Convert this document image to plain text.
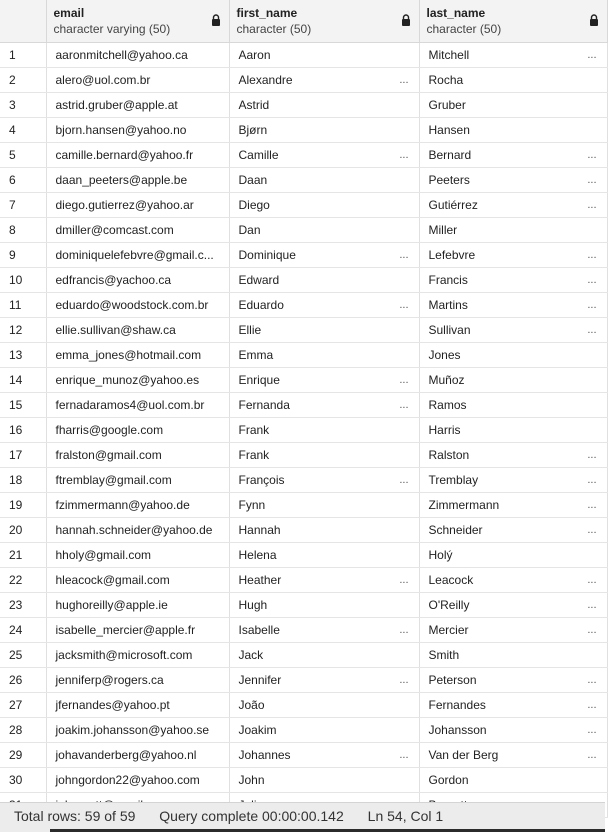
	email
character varying (50)	first_name
character (50)	last_name
character (50)

1	aaronmitchell@yahoo.ca	Aaron	Mitchell ...

2	alero@uol.com.br	Alexandre ...	Rocha
3	astrid.gruber@apple.at	Astrid	Gruber
4	bjorn.hansen@yahoo.no	Bjørn	Hansen
5	camille.bernard@yahoo.fr	Camille ...	Bernard ...

6	daan_peeters@apple.be	Daan	Peeters ...

7	diego.gutierrez@yahoo.ar	Diego	Gutiérrez ...

8	dmiller@comcast.com	Dan	Miller
9	dominiquelefebvre@gmail.c...	Dominique ...	Lefebvre ...

10	edfrancis@yachoo.ca	Edward	Francis ...

11	eduardo@woodstock.com.br	Eduardo ...	Martins ...

12	ellie.sullivan@shaw.ca	Ellie	Sullivan ...

13	emma_jones@hotmail.com	Emma	Jones
14	enrique_munoz@yahoo.es	Enrique ...	Muñoz
15	fernadaramos4@uol.com.br	Fernanda ...	Ramos
16	fharris@google.com	Frank	Harris
17	fralston@gmail.com	Frank	Ralston ...

18	ftremblay@gmail.com	François ...	Tremblay ...

19	fzimmermann@yahoo.de	Fynn	Zimmermann ...

20	hannah.schneider@yahoo.de	Hannah	Schneider ...

21	hholy@gmail.com	Helena	Holý
22	hleacock@gmail.com	Heather ...	Leacock ...

23	hughoreilly@apple.ie	Hugh	O'Reilly ...

24	isabelle_mercier@apple.fr	Isabelle ...	Mercier ...

25	jacksmith@microsoft.com	Jack	Smith
26	jenniferp@rogers.ca	Jennifer ...	Peterson ...

27	jfernandes@yahoo.pt	João	Fernandes ...

28	joakim.johansson@yahoo.se	Joakim	Johansson ...

29	johavanderberg@yahoo.nl	Johannes ...	Van der Berg ...

30	johngordon22@yahoo.com	John	Gordon

Total rows: 59 of 59 Query complete 00:00:00.142 Ln 54, Col 1
